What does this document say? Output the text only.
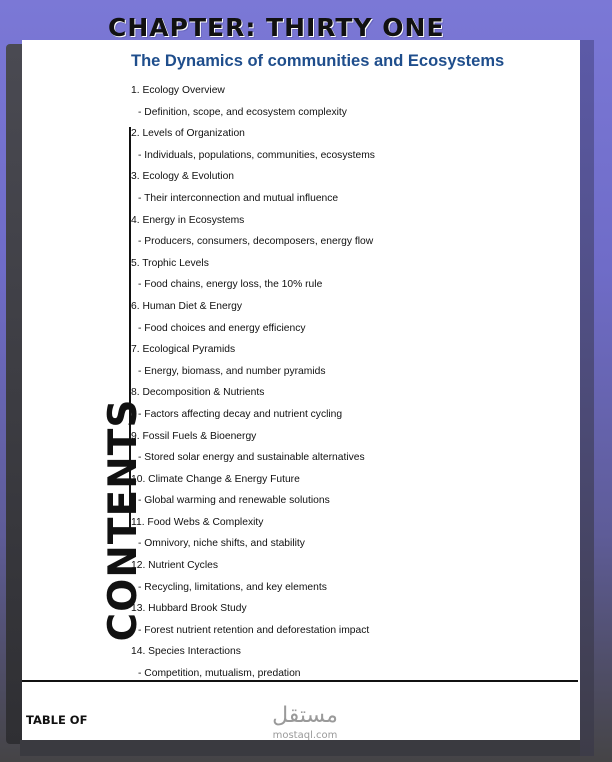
CHAPTER: THIRTY ONE
The Dynamics of communities and Ecosystems
1. Ecology Overview
- Definition, scope, and ecosystem complexity
2. Levels of Organization
- Individuals, populations, communities, ecosystems
3. Ecology & Evolution
- Their interconnection and mutual influence
4. Energy in Ecosystems
- Producers, consumers, decomposers, energy flow
5. Trophic Levels
- Food chains, energy loss, the 10% rule
6. Human Diet & Energy
- Food choices and energy efficiency
7. Ecological Pyramids
- Energy, biomass, and number pyramids
8. Decomposition & Nutrients
- Factors affecting decay and nutrient cycling
9. Fossil Fuels & Bioenergy
- Stored solar energy and sustainable alternatives
10. Climate Change & Energy Future
- Global warming and renewable solutions
11. Food Webs & Complexity
- Omnivory, niche shifts, and stability
12. Nutrient Cycles
- Recycling, limitations, and key elements
13. Hubbard Brook Study
- Forest nutrient retention and deforestation impact
14. Species Interactions
- Competition, mutualism, predation
CONTENTS
TABLE OF	مستقل
mostaql.com
